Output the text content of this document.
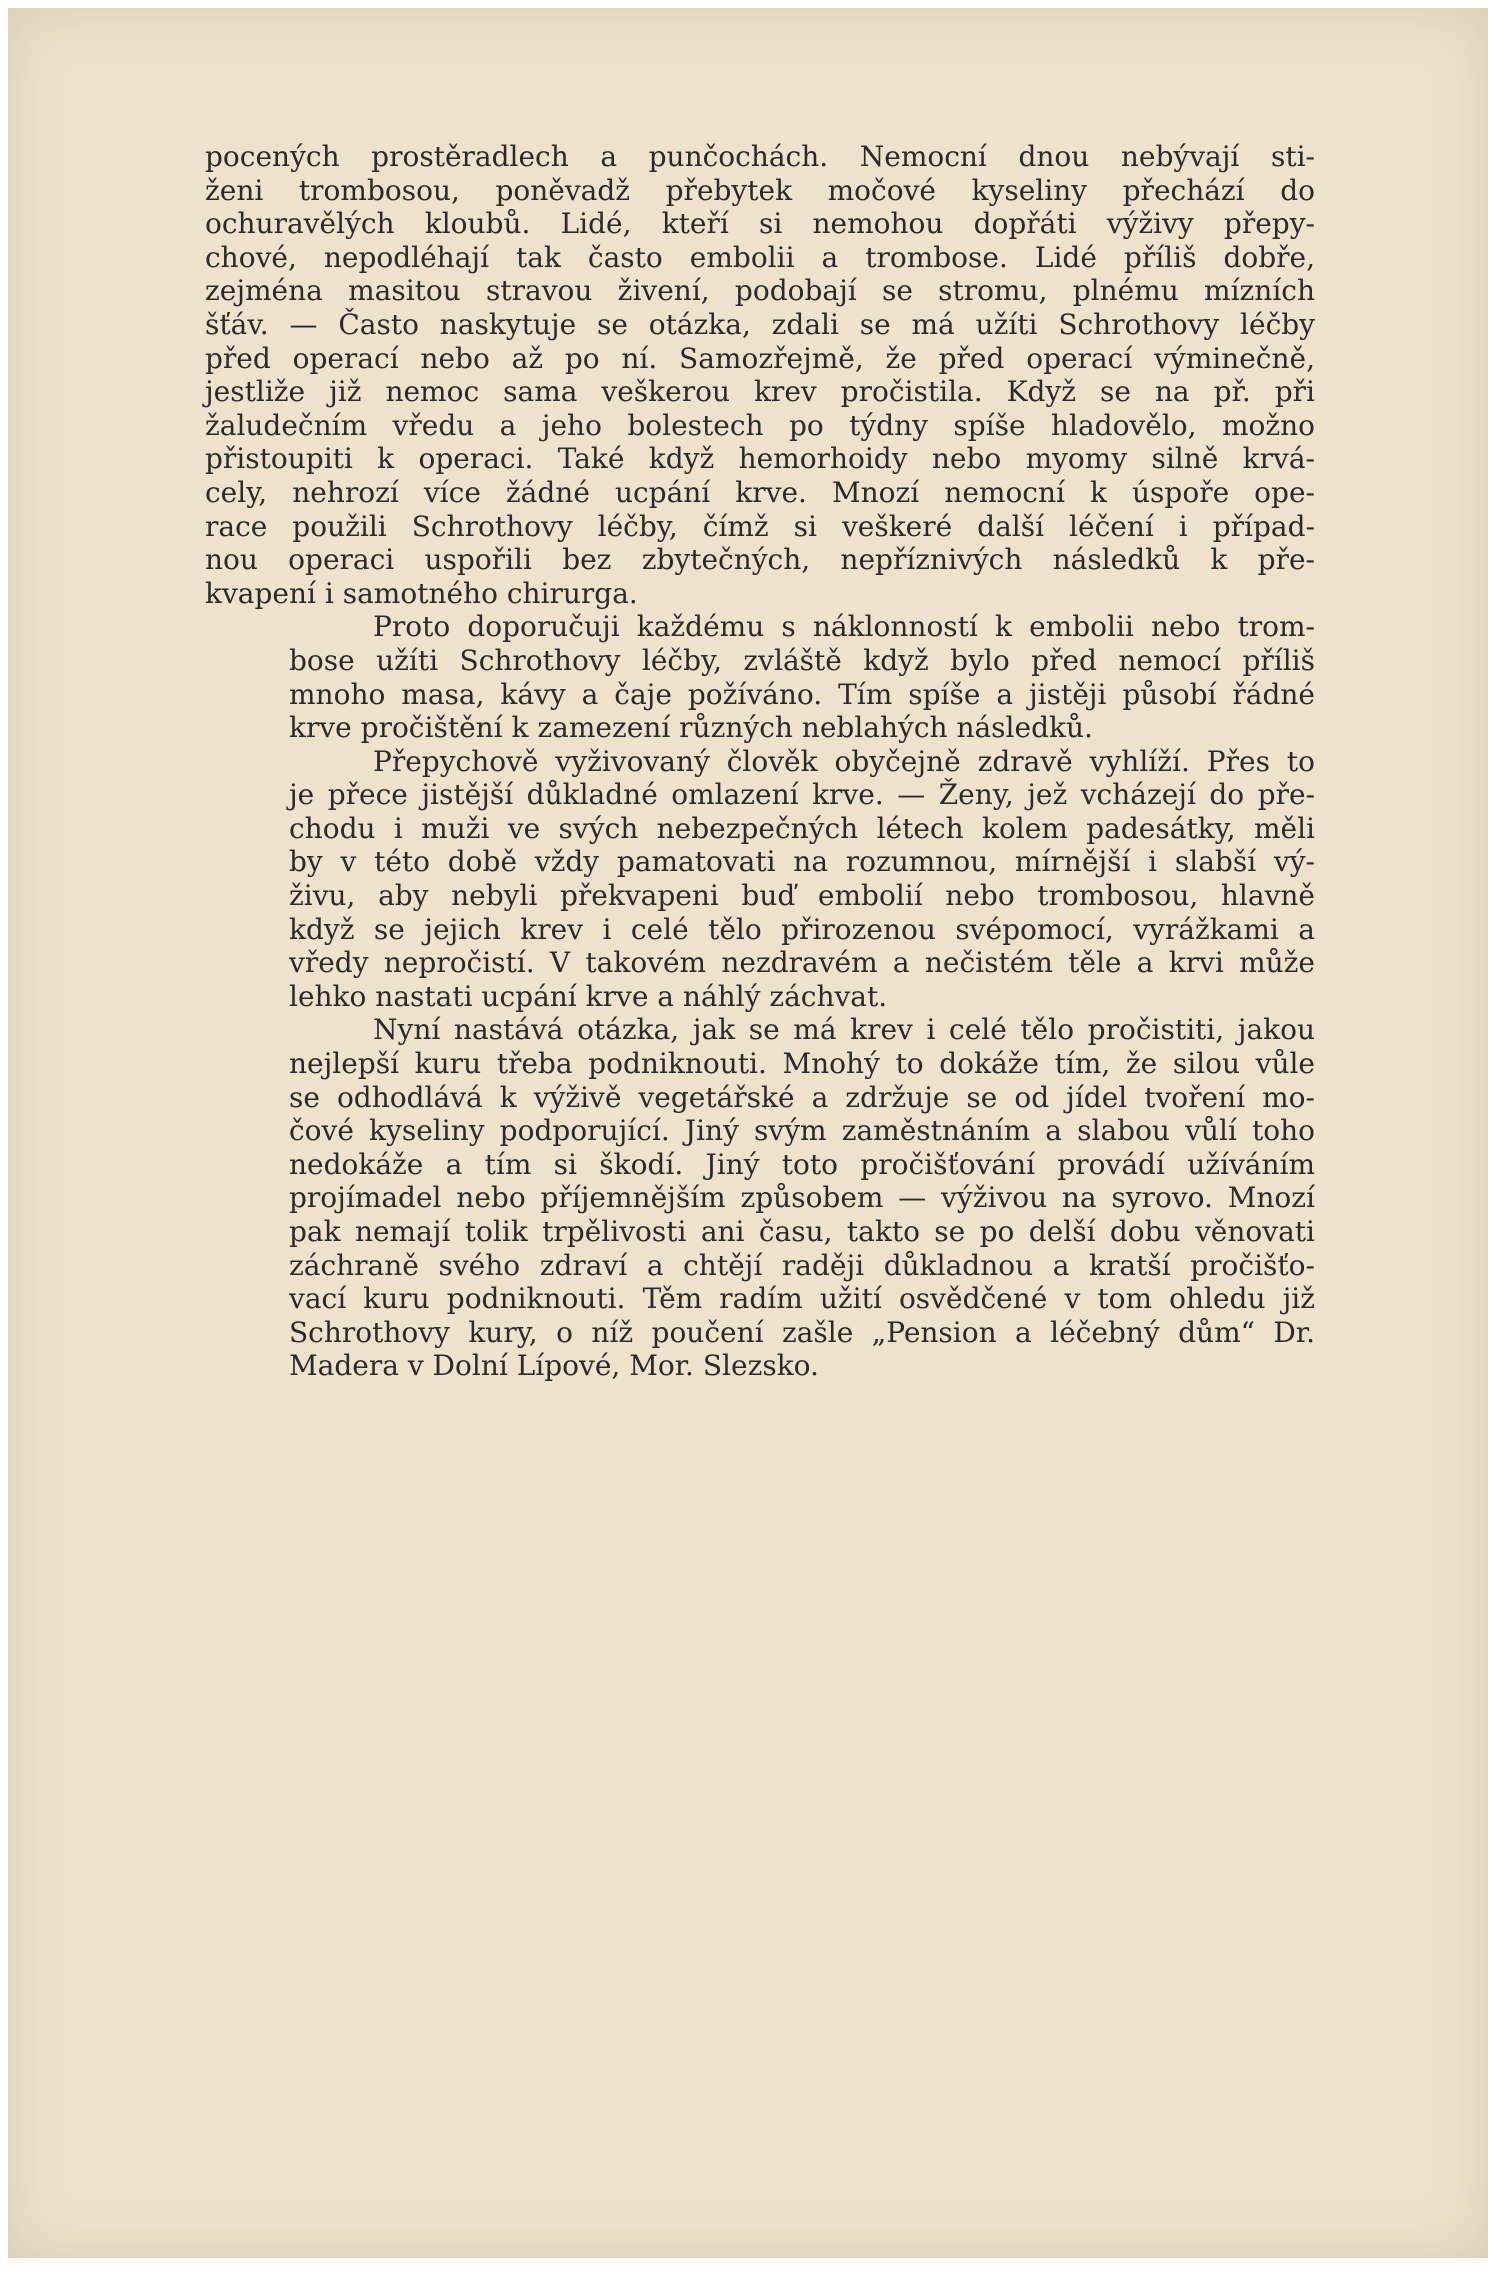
pocených prostěradlech a punčochách. Nemocní dnou nebývají sti-
ženi trombosou, poněvadž přebytek močové kyseliny přechází do
ochuravělých kloubů. Lidé, kteří si nemohou dopřáti výživy přepy-
chové, nepodléhají tak často embolii a trombose. Lidé příliš dobře,
zejména masitou stravou živení, podobají se stromu, plnému mízních
šťáv. — Často naskytuje se otázka, zdali se má užíti Schrothovy léčby
před operací nebo až po ní. Samozřejmě, že před operací výminečně,
jestliže již nemoc sama veškerou krev pročistila. Když se na př. při
žaludečním vředu a jeho bolestech po týdny spíše hladovělo, možno
přistoupiti k operaci. Také když hemorhoidy nebo myomy silně krvá-
cely, nehrozí více žádné ucpání krve. Mnozí nemocní k úspoře ope-
race použili Schrothovy léčby, čímž si veškeré další léčení i případ-
nou operaci uspořili bez zbytečných, nepříznivých následků k pře-
kvapení i samotného chirurga.
Proto doporučuji každému s náklonností k embolii nebo trom-
bose užíti Schrothovy léčby, zvláště když bylo před nemocí příliš
mnoho masa, kávy a čaje požíváno. Tím spíše a jistěji působí řádné
krve pročištění k zamezení různých neblahých následků.
Přepychově vyživovaný člověk obyčejně zdravě vyhlíží. Přes to
je přece jistější důkladné omlazení krve. — Ženy, jež vcházejí do pře-
chodu i muži ve svých nebezpečných létech kolem padesátky, měli
by v této době vždy pamatovati na rozumnou, mírnější i slabší vý-
živu, aby nebyli překvapeni buď embolií nebo trombosou, hlavně
když se jejich krev i celé tělo přirozenou svépomocí, vyrážkami a
vředy nepročistí. V takovém nezdravém a nečistém těle a krvi může
lehko nastati ucpání krve a náhlý záchvat.
Nyní nastává otázka, jak se má krev i celé tělo pročistiti, jakou
nejlepší kuru třeba podniknouti. Mnohý to dokáže tím, že silou vůle
se odhodlává k výživě vegetářské a zdržuje se od jídel tvoření mo-
čové kyseliny podporující. Jiný svým zaměstnáním a slabou vůlí toho
nedokáže a tím si škodí. Jiný toto pročišťování provádí užíváním
projímadel nebo příjemnějším způsobem — výživou na syrovo. Mnozí
pak nemají tolik trpělivosti ani času, takto se po delší dobu věnovati
záchraně svého zdraví a chtějí raději důkladnou a kratší pročišťo-
vací kuru podniknouti. Těm radím užití osvědčené v tom ohledu již
Schrothovy kury, o níž poučení zašle „Pension a léčebný dům“ Dr.
Madera v Dolní Lípové, Mor. Slezsko.
